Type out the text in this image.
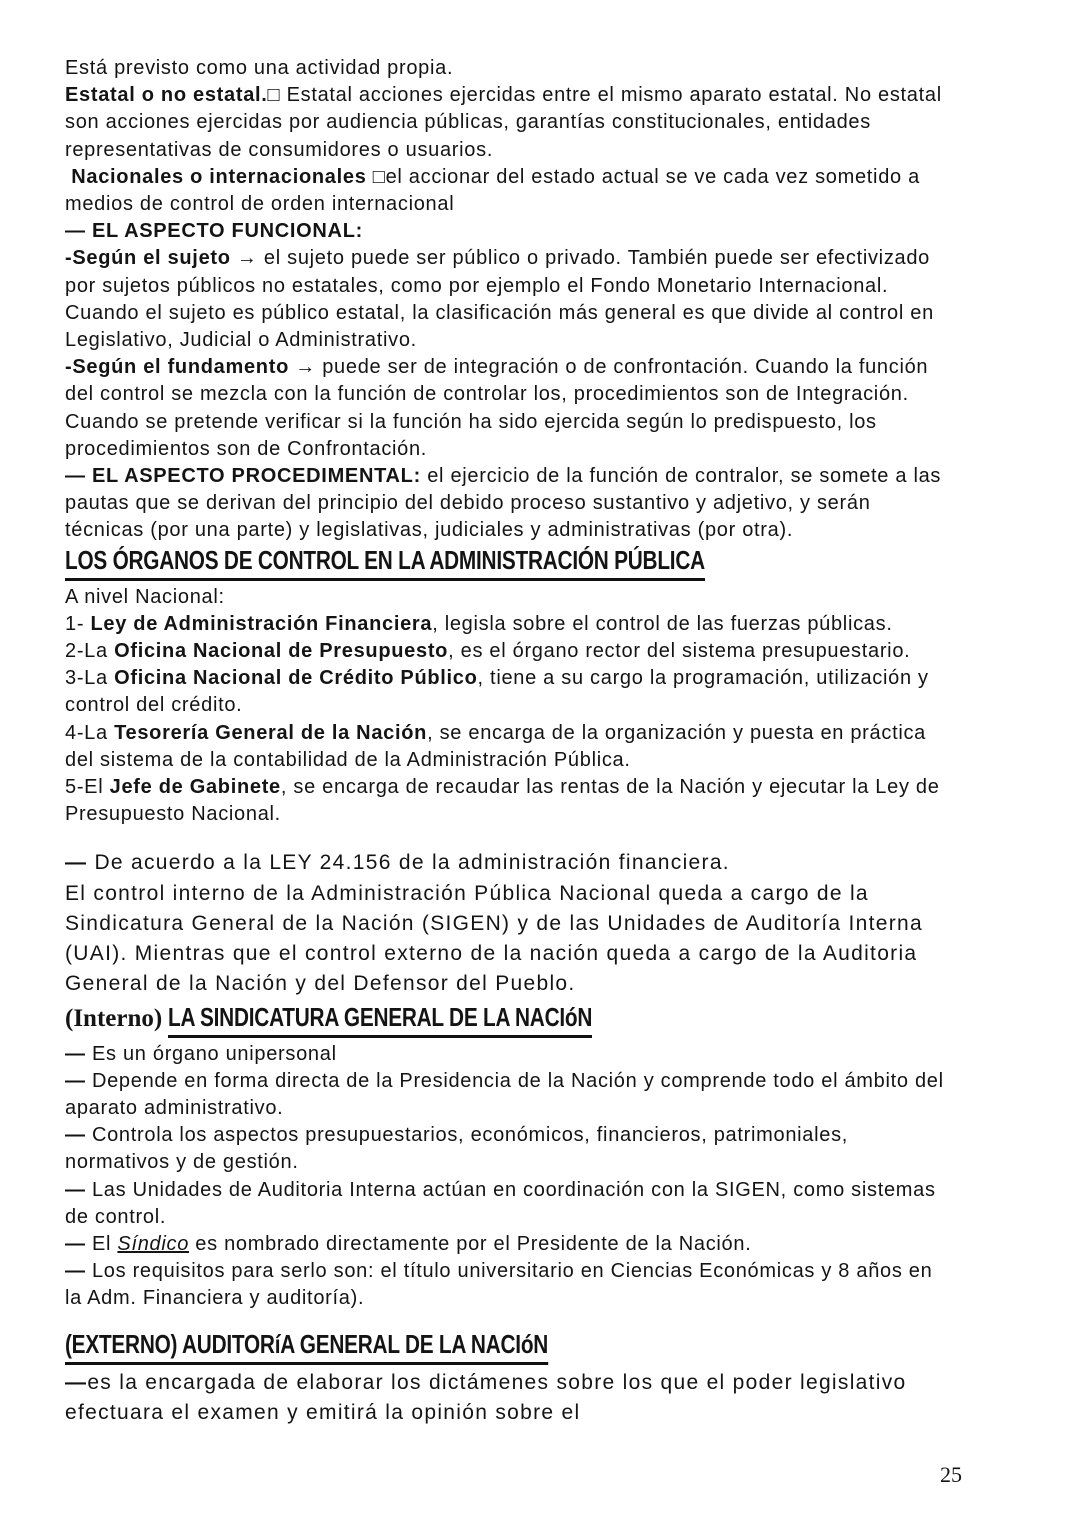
Está previsto como una actividad propia.
Estatal o no estatal.□ Estatal acciones ejercidas entre el mismo aparato estatal. No estatal son acciones ejercidas por audiencia públicas, garantías constitucionales, entidades representativas de consumidores o usuarios.
Nacionales o internacionales □el accionar del estado actual se ve cada vez sometido a medios de control de orden internacional
— EL ASPECTO FUNCIONAL:
-Según el sujeto → el sujeto puede ser público o privado. También puede ser efectivizado por sujetos públicos no estatales, como por ejemplo el Fondo Monetario Internacional. Cuando el sujeto es público estatal, la clasificación más general es que divide al control en Legislativo, Judicial o Administrativo.
-Según el fundamento → puede ser de integración o de confrontación. Cuando la función del control se mezcla con la función de controlar los, procedimientos son de Integración. Cuando se pretende verificar si la función ha sido ejercida según lo predispuesto, los procedimientos son de Confrontación.
— EL ASPECTO PROCEDIMENTAL: el ejercicio de la función de contralor, se somete a las pautas que se derivan del principio del debido proceso sustantivo y adjetivo, y serán técnicas (por una parte) y legislativas, judiciales y administrativas (por otra).
LOS ÓRGANOS DE CONTROL EN LA ADMINISTRACIÓN PÚBLICA
A nivel Nacional:
1- Ley de Administración Financiera, legisla sobre el control de las fuerzas públicas.
2-La Oficina Nacional de Presupuesto, es el órgano rector del sistema presupuestario.
3-La Oficina Nacional de Crédito Público, tiene a su cargo la programación, utilización y control del crédito.
4-La Tesorería General de la Nación, se encarga de la organización y puesta en práctica del sistema de la contabilidad de la Administración Pública.
5-El Jefe de Gabinete, se encarga de recaudar las rentas de la Nación y ejecutar la Ley de Presupuesto Nacional.
— De acuerdo a la LEY 24.156 de la administración financiera.
El control interno de la Administración Pública Nacional queda a cargo de la Sindicatura General de la Nación (SIGEN) y de las Unidades de Auditoría Interna (UAI). Mientras que el control externo de la nación queda a cargo de la Auditoria General de la Nación y del Defensor del Pueblo.
(Interno) LA SINDICATURA GENERAL DE LA NACIóN
— Es un órgano unipersonal
— Depende en forma directa de la Presidencia de la Nación y comprende todo el ámbito del aparato administrativo.
— Controla los aspectos presupuestarios, económicos, financieros, patrimoniales, normativos y de gestión.
— Las Unidades de Auditoria Interna actúan en coordinación con la SIGEN, como sistemas de control.
— El Síndico es nombrado directamente por el Presidente de la Nación.
— Los requisitos para serlo son: el título universitario en Ciencias Económicas y 8 años en la Adm. Financiera y auditoría).
(EXTERNO) AUDITORíA GENERAL DE LA NACIóN
—es la encargada de elaborar los dictámenes sobre los que el poder legislativo efectuara el examen y emitirá la opinión sobre el
25
